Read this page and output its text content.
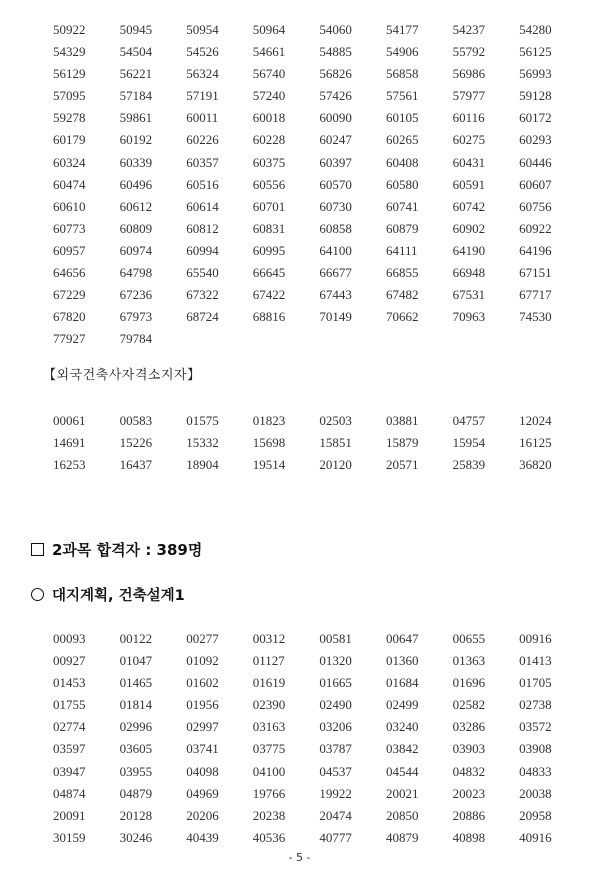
50922	50945	50954	50964	54060	54177	54237	54280
54329	54504	54526	54661	54885	54906	55792	56125
56129	56221	56324	56740	56826	56858	56986	56993
57095	57184	57191	57240	57426	57561	57977	59128
59278	59861	60011	60018	60090	60105	60116	60172
60179	60192	60226	60228	60247	60265	60275	60293
60324	60339	60357	60375	60397	60408	60431	60446
60474	60496	60516	60556	60570	60580	60591	60607
60610	60612	60614	60701	60730	60741	60742	60756
60773	60809	60812	60831	60858	60879	60902	60922
60957	60974	60994	60995	64100	64111	64190	64196
64656	64798	65540	66645	66677	66855	66948	67151
67229	67236	67322	67422	67443	67482	67531	67717
67820	67973	68724	68816	70149	70662	70963	74530
77927	79784
【외국건축사자격소지자】
00061	00583	01575	01823	02503	03881	04757	12024
14691	15226	15332	15698	15851	15879	15954	16125
16253	16437	18904	19514	20120	20571	25839	36820
2과목 합격자 : 389명
대지계획, 건축설계1
00093	00122	00277	00312	00581	00647	00655	00916
00927	01047	01092	01127	01320	01360	01363	01413
01453	01465	01602	01619	01665	01684	01696	01705
01755	01814	01956	02390	02490	02499	02582	02738
02774	02996	02997	03163	03206	03240	03286	03572
03597	03605	03741	03775	03787	03842	03903	03908
03947	03955	04098	04100	04537	04544	04832	04833
04874	04879	04969	19766	19922	20021	20023	20038
20091	20128	20206	20238	20474	20850	20886	20958
30159	30246	40439	40536	40777	40879	40898	40916
- 5 -
